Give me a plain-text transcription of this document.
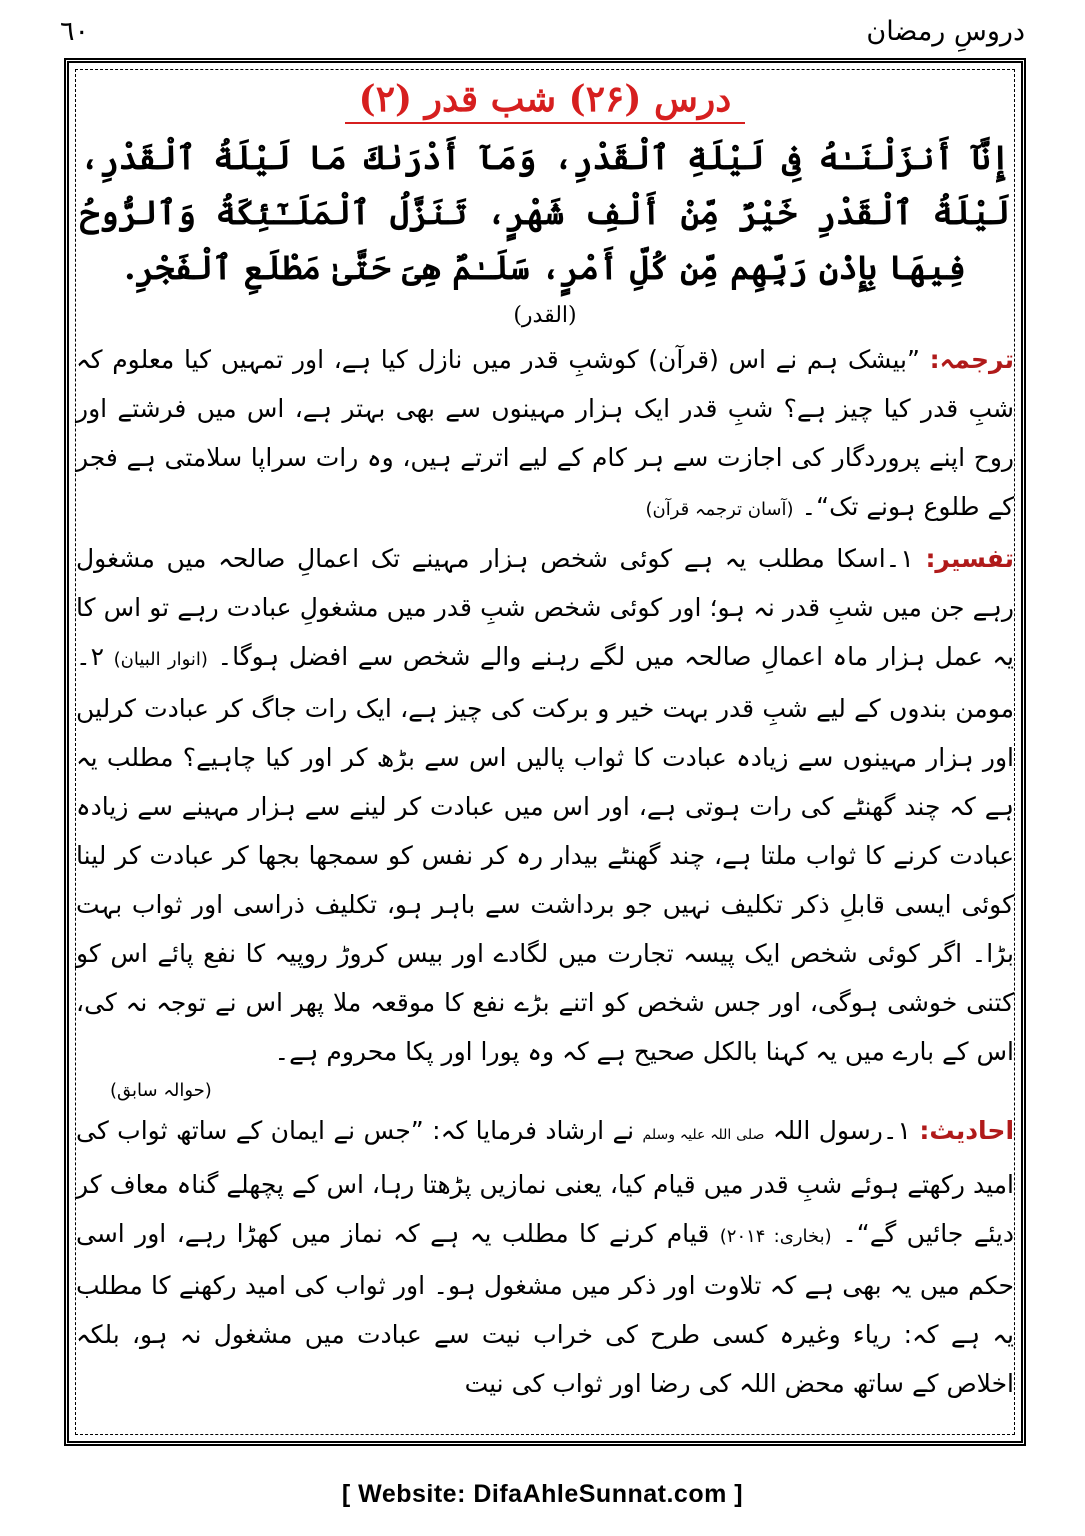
دروسِ رمضان
٦٠
درس (۲۶) شب قدر (۲)
إِنَّآ أَنزَلْنَـٰهُ فِى لَيْلَةِ ٱلْقَدْرِ، وَمَآ أَدْرَىٰكَ مَا لَيْلَةُ ٱلْقَدْرِ، لَيْلَةُ ٱلْقَدْرِ خَيْرٌ مِّنْ أَلْفِ شَهْرٍ، تَنَزَّلُ ٱلْمَلَـٰٓئِكَةُ وَٱلرُّوحُ فِيهَا بِإِذْنِ رَبِّهِم مِّن كُلِّ أَمْرٍ، سَلَـٰمٌ هِىَ حَتَّىٰ مَطْلَعِ ٱلْفَجْرِ.
(القدر)
ترجمہ: ”بیشک ہم نے اس (قرآن) کوشبِ قدر میں نازل کیا ہے، اور تمہیں کیا معلوم کہ شبِ قدر کیا چیز ہے؟ شبِ قدر ایک ہزار مہینوں سے بھی بہتر ہے، اس میں فرشتے اور روح اپنے پروردگار کی اجازت سے ہر کام کے لیے اترتے ہیں، وہ رات سراپا سلامتی ہے فجر کے طلوع ہونے تک“۔ (آسان ترجمہ قرآن)
تفسیر: ۱۔اسکا مطلب یہ ہے کوئی شخص ہزار مہینے تک اعمالِ صالحہ میں مشغول رہے جن میں شبِ قدر نہ ہو؛ اور کوئی شخص شبِ قدر میں مشغولِ عبادت رہے تو اس کا یہ عمل ہزار ماہ اعمالِ صالحہ میں لگے رہنے والے شخص سے افضل ہوگا۔ (انوار البیان) ۲۔مومن بندوں کے لیے شبِ قدر بہت خیر و برکت کی چیز ہے، ایک رات جاگ کر عبادت کرلیں اور ہزار مہینوں سے زیادہ عبادت کا ثواب پالیں اس سے بڑھ کر اور کیا چاہیے؟ مطلب یہ ہے کہ چند گھنٹے کی رات ہوتی ہے، اور اس میں عبادت کر لینے سے ہزار مہینے سے زیادہ عبادت کرنے کا ثواب ملتا ہے، چند گھنٹے بیدار رہ کر نفس کو سمجھا بجھا کر عبادت کر لینا کوئی ایسی قابلِ ذکر تکلیف نہیں جو برداشت سے باہر ہو، تکلیف ذراسی اور ثواب بہت بڑا۔ اگر کوئی شخص ایک پیسہ تجارت میں لگادے اور بیس کروڑ روپیہ کا نفع پائے اس کو کتنی خوشی ہوگی، اور جس شخص کو اتنے بڑے نفع کا موقعہ ملا پھر اس نے توجہ نہ کی، اس کے بارے میں یہ کہنا بالکل صحیح ہے کہ وہ پورا اور پکا محروم ہے۔
(حوالہ سابق)
احادیث: ۱۔رسول اللہ صلی اللہ علیہ وسلم نے ارشاد فرمایا کہ: ”جس نے ایمان کے ساتھ ثواب کی امید رکھتے ہوئے شبِ قدر میں قیام کیا، یعنی نمازیں پڑھتا رہا، اس کے پچھلے گناہ معاف کر دیئے جائیں گے“۔ (بخاری: ۲۰۱۴) قیام کرنے کا مطلب یہ ہے کہ نماز میں کھڑا رہے، اور اسی حکم میں یہ بھی ہے کہ تلاوت اور ذکر میں مشغول ہو۔ اور ثواب کی امید رکھنے کا مطلب یہ ہے کہ: ریاء وغیرہ کسی طرح کی خراب نیت سے عبادت میں مشغول نہ ہو، بلکہ اخلاص کے ساتھ محض اللہ کی رضا اور ثواب کی نیت
[ Website: DifaAhleSunnat.com ]
